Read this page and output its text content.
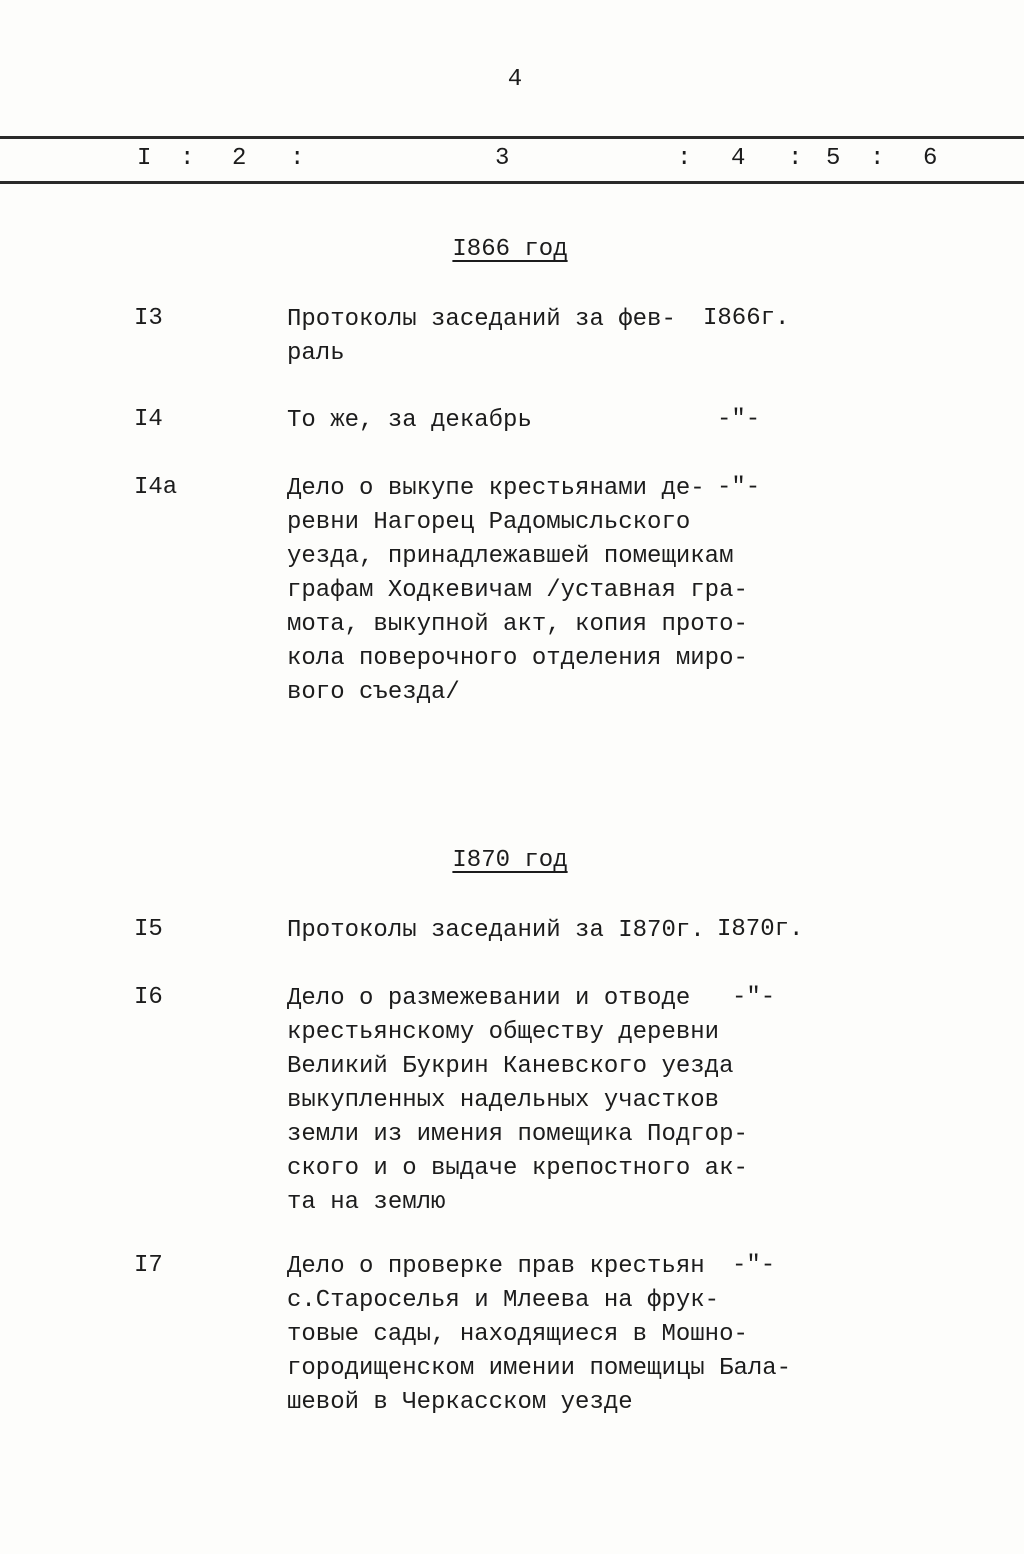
4
I : 2 :	3	: 4 : 5 : 6
I866 год
I3	Протоколы заседаний за фев-
раль
I866г.
I4	То же, за декабрь	-"-
I4а	Дело о выкупе крестьянами де-
ревни Нагорец Радомысльского
уезда, принадлежавшей помещикам
графам Ходкевичам /уставная гра-
мота, выкупной акт, копия прото-
кола поверочного отделения миро-
вого съезда/
-"-
I870 год
I5	Протоколы заседаний за I870г. I870г.
I6	Дело о размежевании и отводе
крестьянскому обществу деревни
Великий Букрин Каневского уезда
выкупленных надельных участков
земли из имения помещика Подгор-
ского и о выдаче крепостного ак-
та на землю
-"-
I7	Дело о проверке прав крестьян
с.Староселья и Млеева на фрук-
товые сады, находящиеся в Мошно-
городищенском имении помещицы Бала-
шевой в Черкасском уезде
-"-
